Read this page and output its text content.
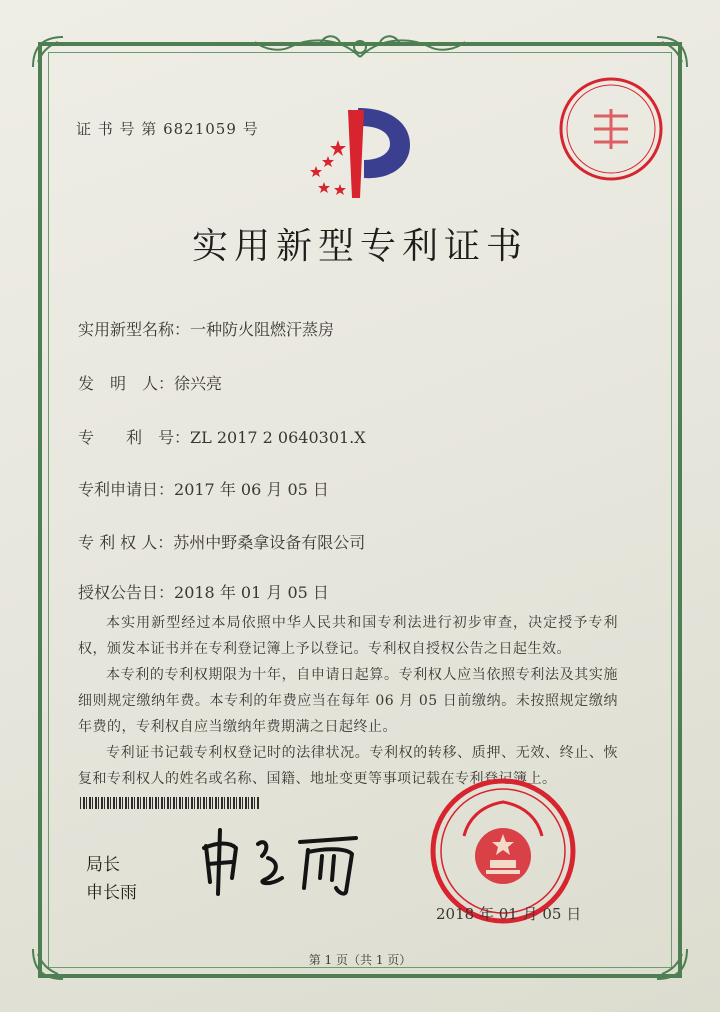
证 书 号 第 6821059 号
实用新型专利证书
实用新型名称：一种防火阻燃汗蒸房
发　明　人：徐兴亮
专　　利　号：ZL 2017 2 0640301.X
专利申请日：2017 年 06 月 05 日
专 利 权 人：苏州中野桑拿设备有限公司
授权公告日：2018 年 01 月 05 日

本实用新型经过本局依照中华人民共和国专利法进行初步审查，决定授予专利权，颁发本证书并在专利登记簿上予以登记。专利权自授权公告之日起生效。

本专利的专利权期限为十年，自申请日起算。专利权人应当依照专利法及其实施细则规定缴纳年费。本专利的年费应当在每年 06 月 05 日前缴纳。未按照规定缴纳年费的，专利权自应当缴纳年费期满之日起终止。

专利证书记载专利权登记时的法律状况。专利权的转移、质押、无效、终止、恢复和专利权人的姓名或名称、国籍、地址变更等事项记载在专利登记簿上。

局长
申长雨
2018 年 01 月 05 日
第 1 页（共 1 页）
